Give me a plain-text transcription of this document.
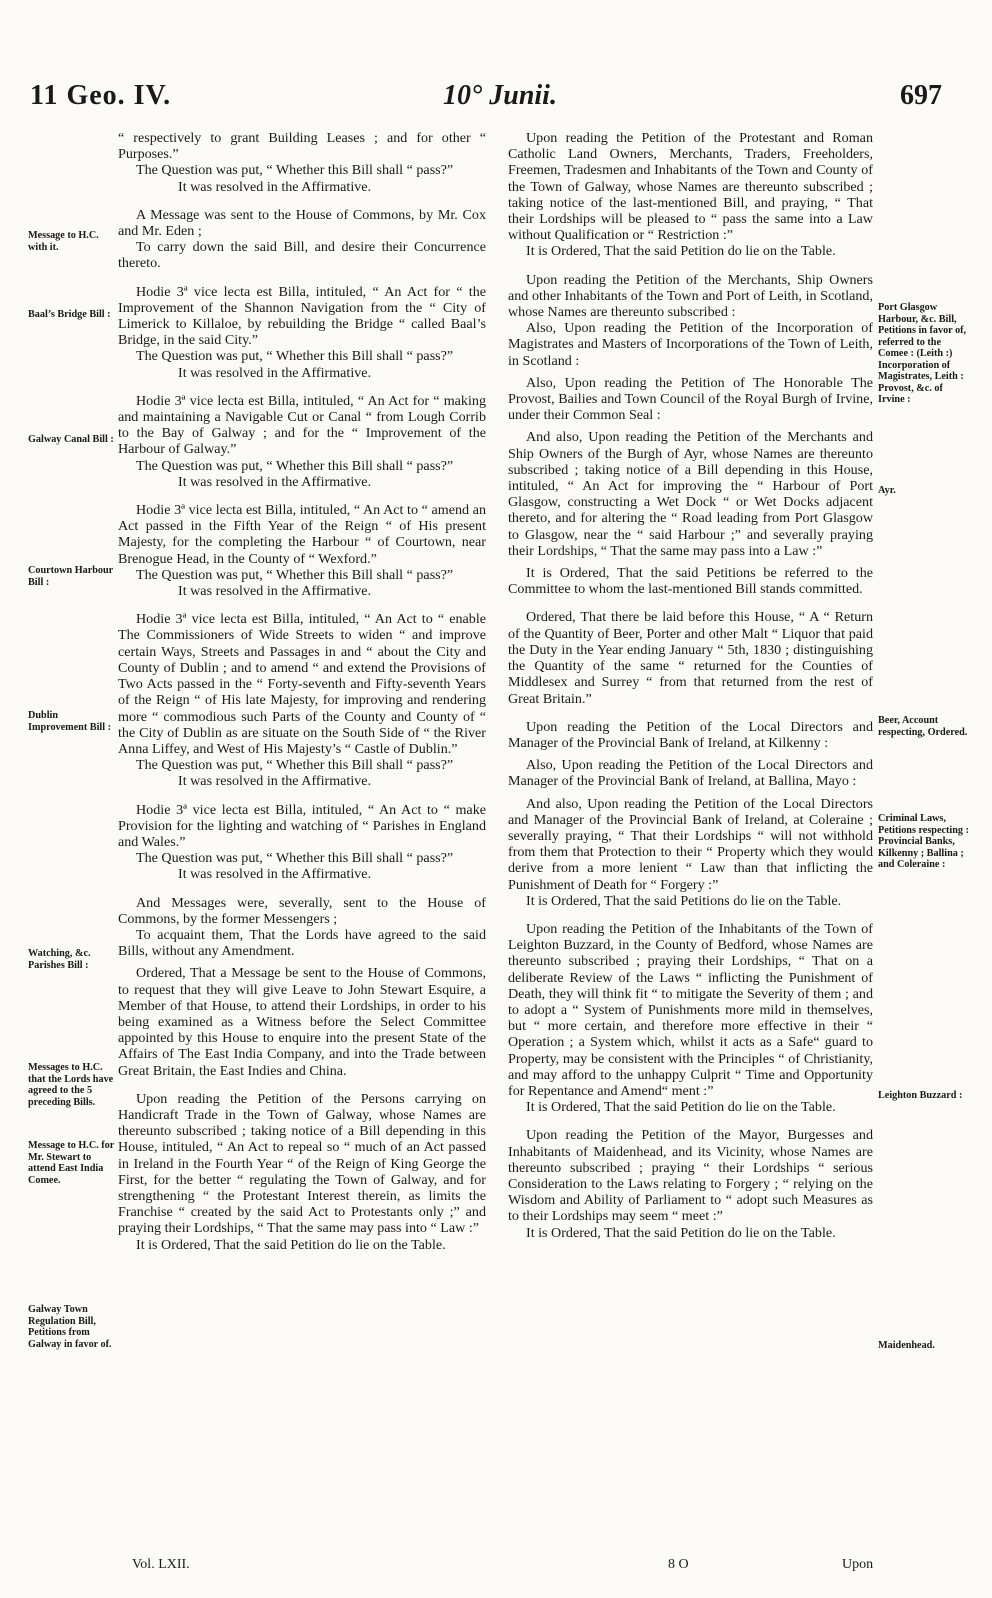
11 Geo. IV.	10° Junii.	697
Message to H.C. with it.
Baal’s Bridge Bill :
Galway Canal Bill :
Courtown Harbour Bill :
Dublin Improvement Bill :
Watching, &c. Parishes Bill :
Messages to H.C. that the Lords have agreed to the 5 preceding Bills.
Message to H.C. for Mr. Stewart to attend East India Comee.
Galway Town Regulation Bill, Petitions from Galway in favor of.
Port Glasgow Harbour, &c. Bill, Petitions in favor of, referred to the Comee : (Leith :) Incorporation of Magistrates, Leith : Provost, &c. of Irvine :
Ayr.
Beer, Account respecting, Ordered.
Criminal Laws, Petitions respecting : Provincial Banks, Kilkenny ; Ballina ; and Coleraine :
Leighton Buzzard :
Maidenhead.

“ respectively to grant Building Leases ; and for other “ Purposes.”

The Question was put, “ Whether this Bill shall “ pass?”

It was resolved in the Affirmative.

A Message was sent to the House of Commons, by Mr. Cox and Mr. Eden ;

To carry down the said Bill, and desire their Concurrence thereto.

Hodie 3ª vice lecta est Billa, intituled, “ An Act for “ the Improvement of the Shannon Navigation from the “ City of Limerick to Killaloe, by rebuilding the Bridge “ called Baal’s Bridge, in the said City.”

The Question was put, “ Whether this Bill shall “ pass?”

It was resolved in the Affirmative.

Hodie 3ª vice lecta est Billa, intituled, “ An Act for “ making and maintaining a Navigable Cut or Canal “ from Lough Corrib to the Bay of Galway ; and for the “ Improvement of the Harbour of Galway.”

The Question was put, “ Whether this Bill shall “ pass?”

It was resolved in the Affirmative.

Hodie 3ª vice lecta est Billa, intituled, “ An Act to “ amend an Act passed in the Fifth Year of the Reign “ of His present Majesty, for the completing the Harbour “ of Courtown, near Brenogue Head, in the County of “ Wexford.”

The Question was put, “ Whether this Bill shall “ pass?”

It was resolved in the Affirmative.

Hodie 3ª vice lecta est Billa, intituled, “ An Act to “ enable The Commissioners of Wide Streets to widen “ and improve certain Ways, Streets and Passages in and “ about the City and County of Dublin ; and to amend “ and extend the Provisions of Two Acts passed in the “ Forty-seventh and Fifty-seventh Years of the Reign “ of His late Majesty, for improving and rendering more “ commodious such Parts of the County and County of “ the City of Dublin as are situate on the South Side of “ the River Anna Liffey, and West of His Majesty’s “ Castle of Dublin.”

The Question was put, “ Whether this Bill shall “ pass?”

It was resolved in the Affirmative.

Hodie 3ª vice lecta est Billa, intituled, “ An Act to “ make Provision for the lighting and watching of “ Parishes in England and Wales.”

The Question was put, “ Whether this Bill shall “ pass?”

It was resolved in the Affirmative.

And Messages were, severally, sent to the House of Commons, by the former Messengers ;

To acquaint them, That the Lords have agreed to the said Bills, without any Amendment.

Ordered, That a Message be sent to the House of Commons, to request that they will give Leave to John Stewart Esquire, a Member of that House, to attend their Lordships, in order to his being examined as a Witness before the Select Committee appointed by this House to enquire into the present State of the Affairs of The East India Company, and into the Trade between Great Britain, the East Indies and China.

Upon reading the Petition of the Persons carrying on Handicraft Trade in the Town of Galway, whose Names are thereunto subscribed ; taking notice of a Bill depending in this House, intituled, “ An Act to repeal so “ much of an Act passed in Ireland in the Fourth Year “ of the Reign of King George the First, for the better “ regulating the Town of Galway, and for strengthening “ the Protestant Interest therein, as limits the Franchise “ created by the said Act to Protestants only ;” and praying their Lordships, “ That the same may pass into “ Law :”

It is Ordered, That the said Petition do lie on the Table.

Upon reading the Petition of the Protestant and Roman Catholic Land Owners, Merchants, Traders, Freeholders, Freemen, Tradesmen and Inhabitants of the Town and County of the Town of Galway, whose Names are thereunto subscribed ; taking notice of the last-mentioned Bill, and praying, “ That their Lordships will be pleased to “ pass the same into a Law without Qualification or “ Restriction :”

It is Ordered, That the said Petition do lie on the Table.

Upon reading the Petition of the Merchants, Ship Owners and other Inhabitants of the Town and Port of Leith, in Scotland, whose Names are thereunto subscribed :

Also, Upon reading the Petition of the Incorporation of Magistrates and Masters of Incorporations of the Town of Leith, in Scotland :

Also, Upon reading the Petition of The Honorable The Provost, Bailies and Town Council of the Royal Burgh of Irvine, under their Common Seal :

And also, Upon reading the Petition of the Merchants and Ship Owners of the Burgh of Ayr, whose Names are thereunto subscribed ; taking notice of a Bill depending in this House, intituled, “ An Act for improving the “ Harbour of Port Glasgow, constructing a Wet Dock “ or Wet Docks adjacent thereto, and for altering the “ Road leading from Port Glasgow to Glasgow, near the “ said Harbour ;” and severally praying their Lordships, “ That the same may pass into a Law :”

It is Ordered, That the said Petitions be referred to the Committee to whom the last-mentioned Bill stands committed.

Ordered, That there be laid before this House, “ A “ Return of the Quantity of Beer, Porter and other Malt “ Liquor that paid the Duty in the Year ending January “ 5th, 1830 ; distinguishing the Quantity of the same “ returned for the Counties of Middlesex and Surrey “ from that returned from the rest of Great Britain.”

Upon reading the Petition of the Local Directors and Manager of the Provincial Bank of Ireland, at Kilkenny :

Also, Upon reading the Petition of the Local Directors and Manager of the Provincial Bank of Ireland, at Ballina, Mayo :

And also, Upon reading the Petition of the Local Directors and Manager of the Provincial Bank of Ireland, at Coleraine ; severally praying, “ That their Lordships “ will not withhold from them that Protection to their “ Property which they would derive from a more lenient “ Law than that inflicting the Punishment of Death for “ Forgery :”

It is Ordered, That the said Petitions do lie on the Table.

Upon reading the Petition of the Inhabitants of the Town of Leighton Buzzard, in the County of Bedford, whose Names are thereunto subscribed ; praying their Lordships, “ That on a deliberate Review of the Laws “ inflicting the Punishment of Death, they will think fit “ to mitigate the Severity of them ; and to adopt a “ System of Punishments more mild in themselves, but “ more certain, and therefore more effective in their “ Operation ; a System which, whilst it acts as a Safe“ guard to Property, may be consistent with the Principles “ of Christianity, and may afford to the unhappy Culprit “ Time and Opportunity for Repentance and Amend“ ment :”

It is Ordered, That the said Petition do lie on the Table.

Upon reading the Petition of the Mayor, Burgesses and Inhabitants of Maidenhead, and its Vicinity, whose Names are thereunto subscribed ; praying “ their Lordships “ serious Consideration to the Laws relating to Forgery ; “ relying on the Wisdom and Ability of Parliament to “ adopt such Measures as to their Lordships may seem “ meet :”

It is Ordered, That the said Petition do lie on the Table.

Vol. LXII.	8 O	Upon
